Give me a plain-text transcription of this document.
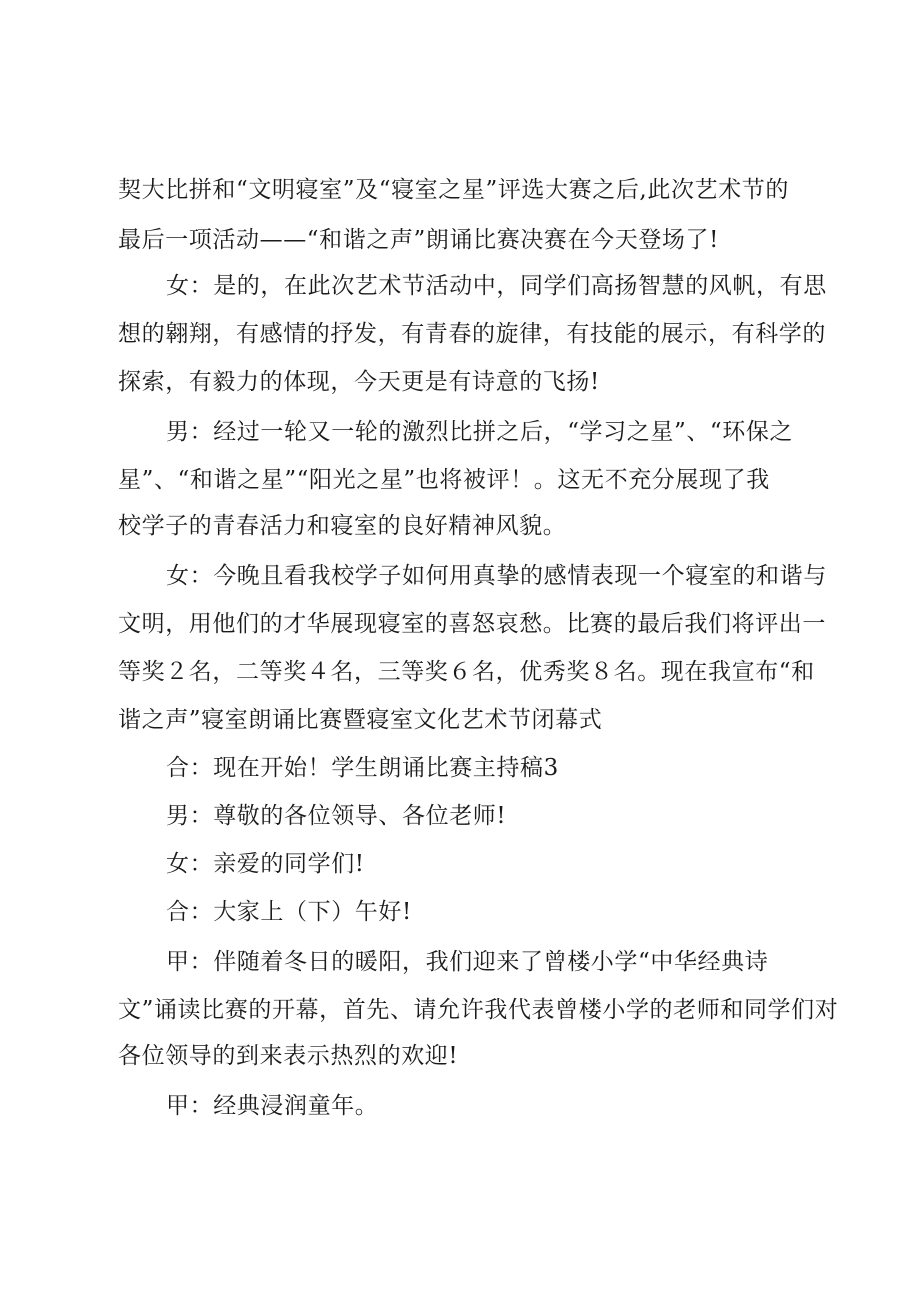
契大比拼和“文明寝室”及“寝室之星”评选大赛之后,此次艺术节的
最后一项活动——“和谐之声”朗诵比赛决赛在今天登场了!
女：是的，在此次艺术节活动中，同学们高扬智慧的风帆，有思
想的翱翔，有感情的抒发，有青春的旋律，有技能的展示，有科学的
探索，有毅力的体现，今天更是有诗意的飞扬!
男：经过一轮又一轮的激烈比拼之后，“学习之星”、“环保之
星”、“和谐之星”“阳光之星”也将被评！。这无不充分展现了我
校学子的青春活力和寝室的良好精神风貌。
女：今晚且看我校学子如何用真挚的感情表现一个寝室的和谐与
文明，用他们的才华展现寝室的喜怒哀愁。比赛的最后我们将评出一
等奖２名，二等奖４名，三等奖６名，优秀奖８名。现在我宣布“和
谐之声”寝室朗诵比赛暨寝室文化艺术节闭幕式
合：现在开始！学生朗诵比赛主持稿3
男：尊敬的各位领导、各位老师!
女：亲爱的同学们!
合：大家上（下）午好!
甲：伴随着冬日的暖阳，我们迎来了曾楼小学“中华经典诗
文”诵读比赛的开幕，首先、请允许我代表曾楼小学的老师和同学们对
各位领导的到来表示热烈的欢迎!
甲：经典浸润童年。
